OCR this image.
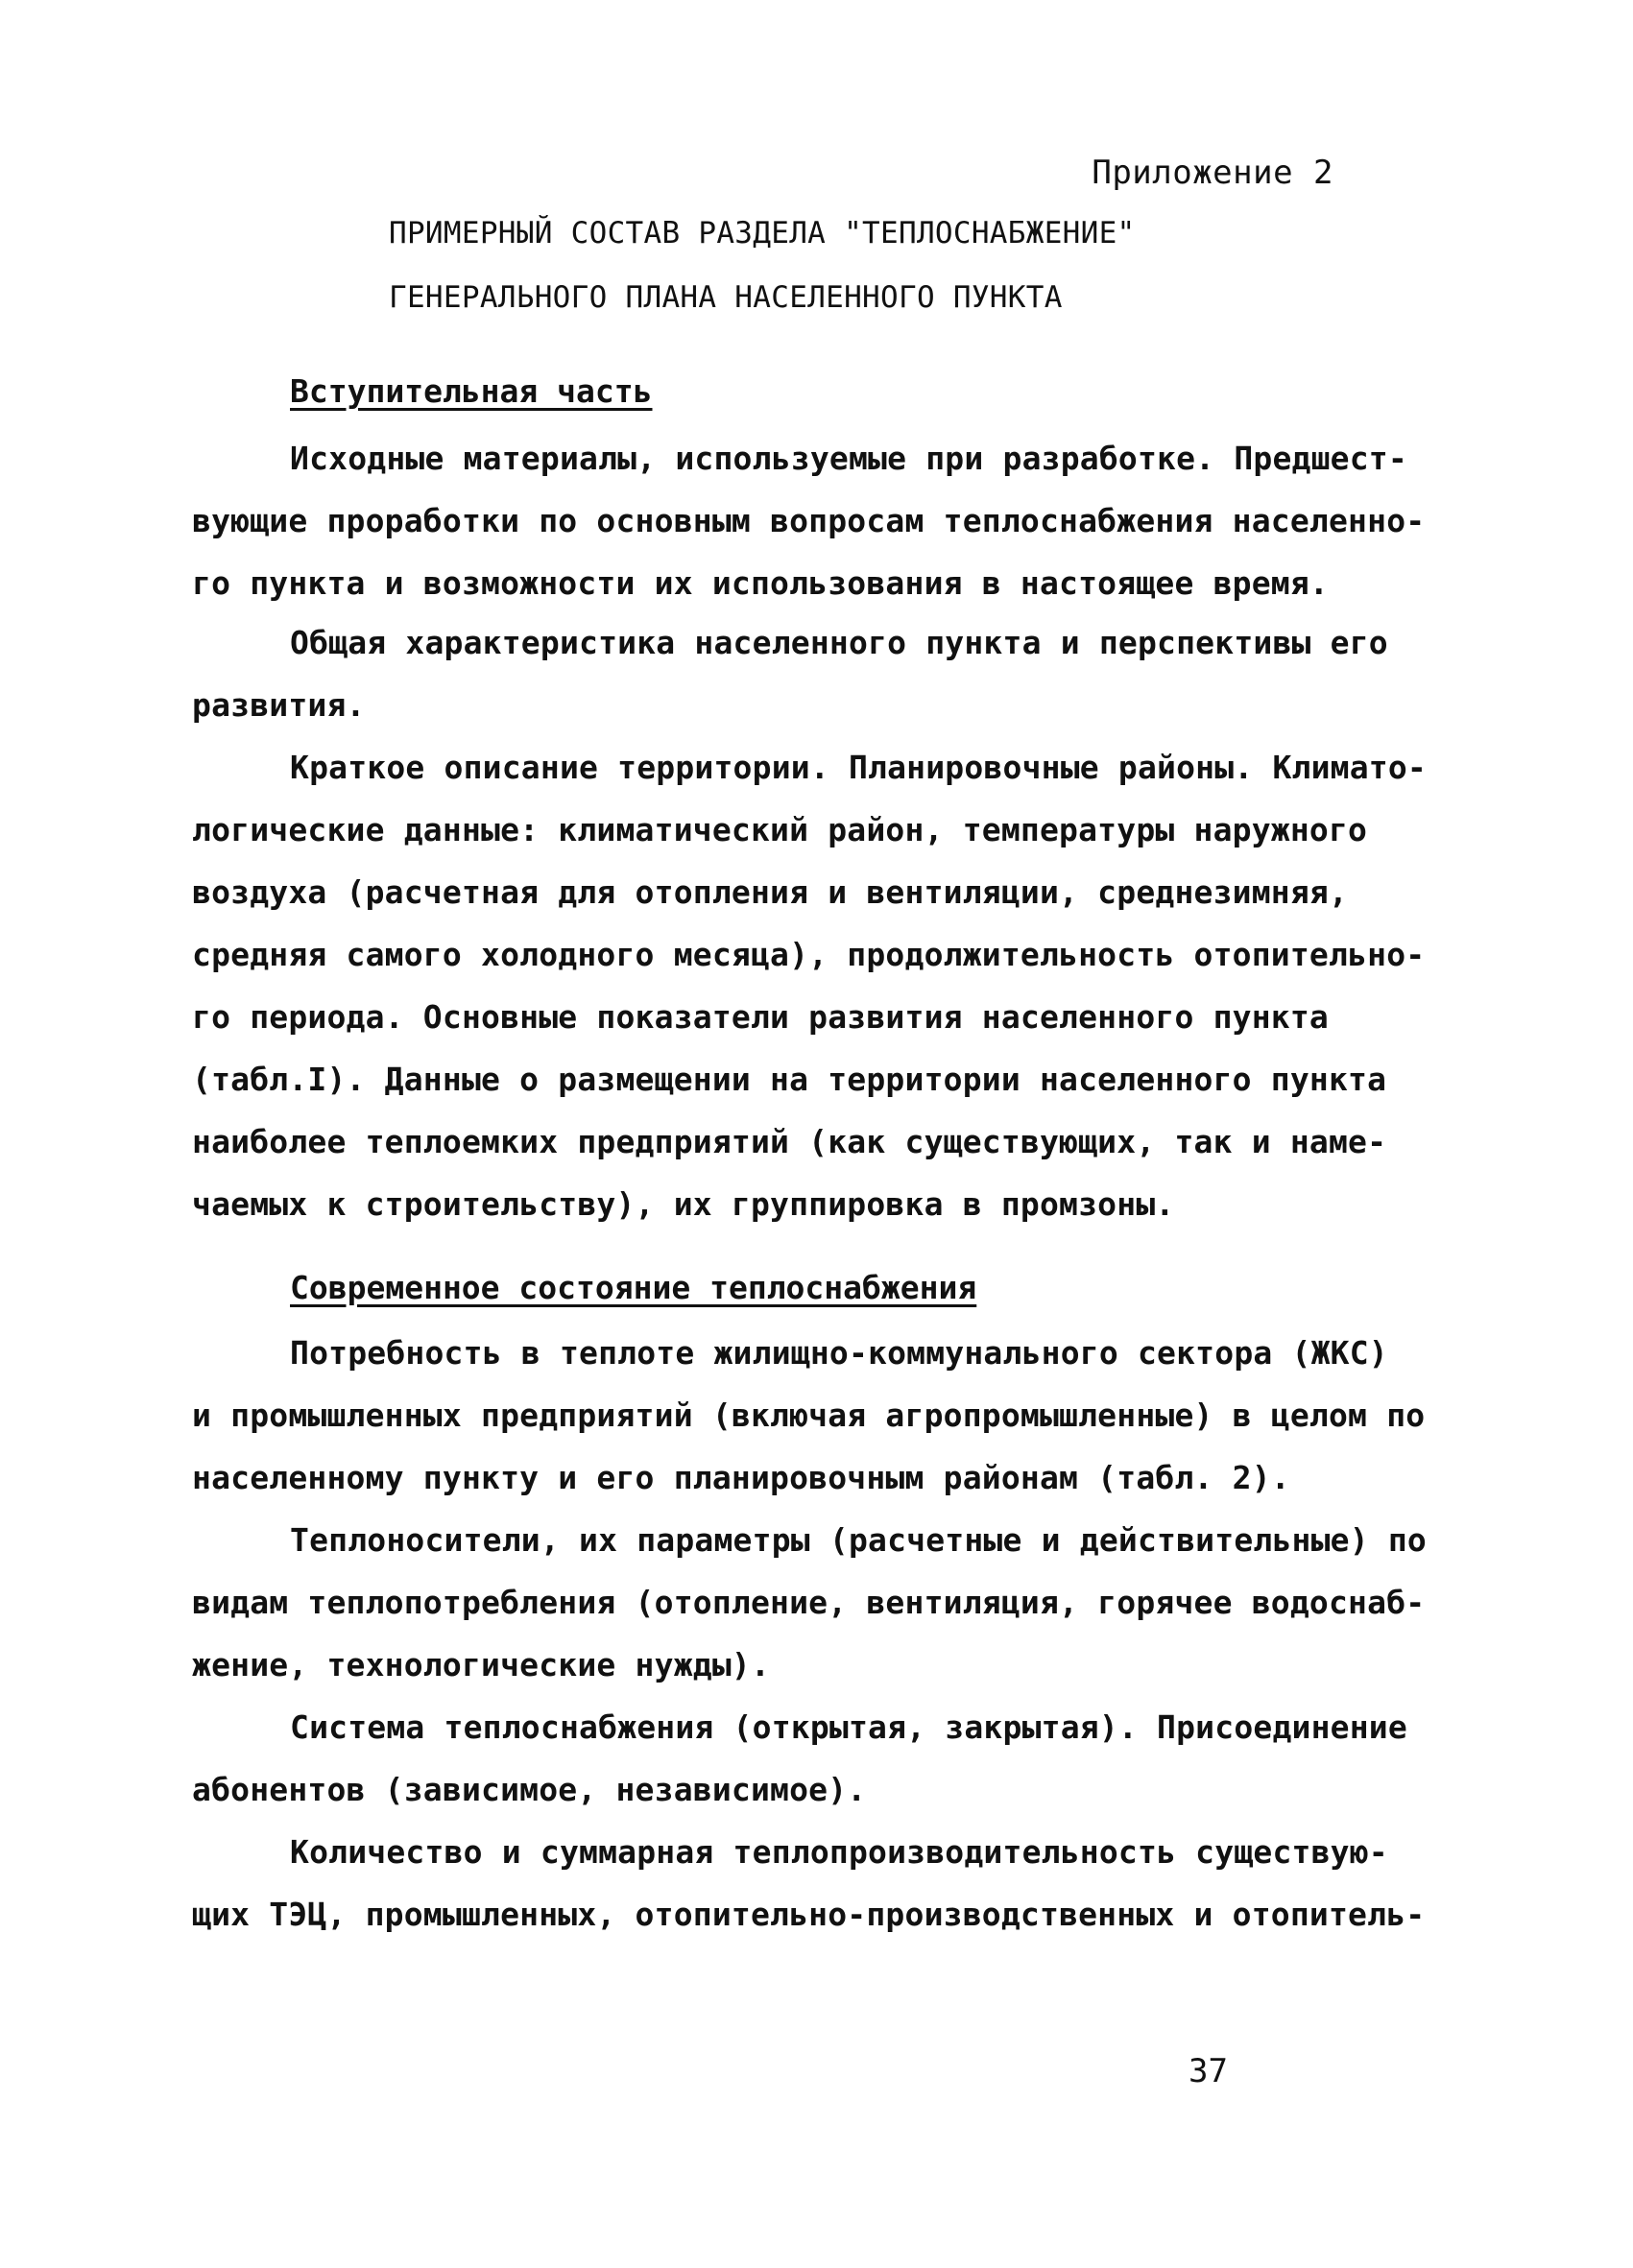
Приложение 2
ПРИМЕРНЫЙ СОСТАВ РАЗДЕЛА "ТЕПЛОСНАБЖЕНИЕ"
ГЕНЕРАЛЬНОГО ПЛАНА НАСЕЛЕННОГО ПУНКТА
Вступительная часть
Исходные материалы, используемые при разработке. Предшест-
вующие проработки по основным вопросам теплоснабжения населенно-
го пункта и возможности их использования в настоящее время.
Общая характеристика населенного пункта и перспективы его
развития.
Краткое описание территории. Планировочные районы. Климато-
логические данные: климатический район, температуры наружного
воздуха (расчетная для отопления и вентиляции, среднезимняя,
средняя самого холодного месяца), продолжительность отопительно-
го периода. Основные показатели развития населенного пункта
(табл.I). Данные о размещении на территории населенного пункта
наиболее теплоемких предприятий (как существующих, так и наме-
чаемых к строительству), их группировка в промзоны.
Современное состояние теплоснабжения
Потребность в теплоте жилищно-коммунального сектора (ЖКС)
и промышленных предприятий (включая агропромышленные) в целом по
населенному пункту и его планировочным районам (табл. 2).
Теплоносители, их параметры (расчетные и действительные) по
видам теплопотребления (отопление, вентиляция, горячее водоснаб-
жение, технологические нужды).
Система теплоснабжения (открытая, закрытая). Присоединение
абонентов (зависимое, независимое).
Количество и суммарная теплопроизводительность существую-
щих ТЭЦ, промышленных, отопительно-производственных и отопитель-
37
